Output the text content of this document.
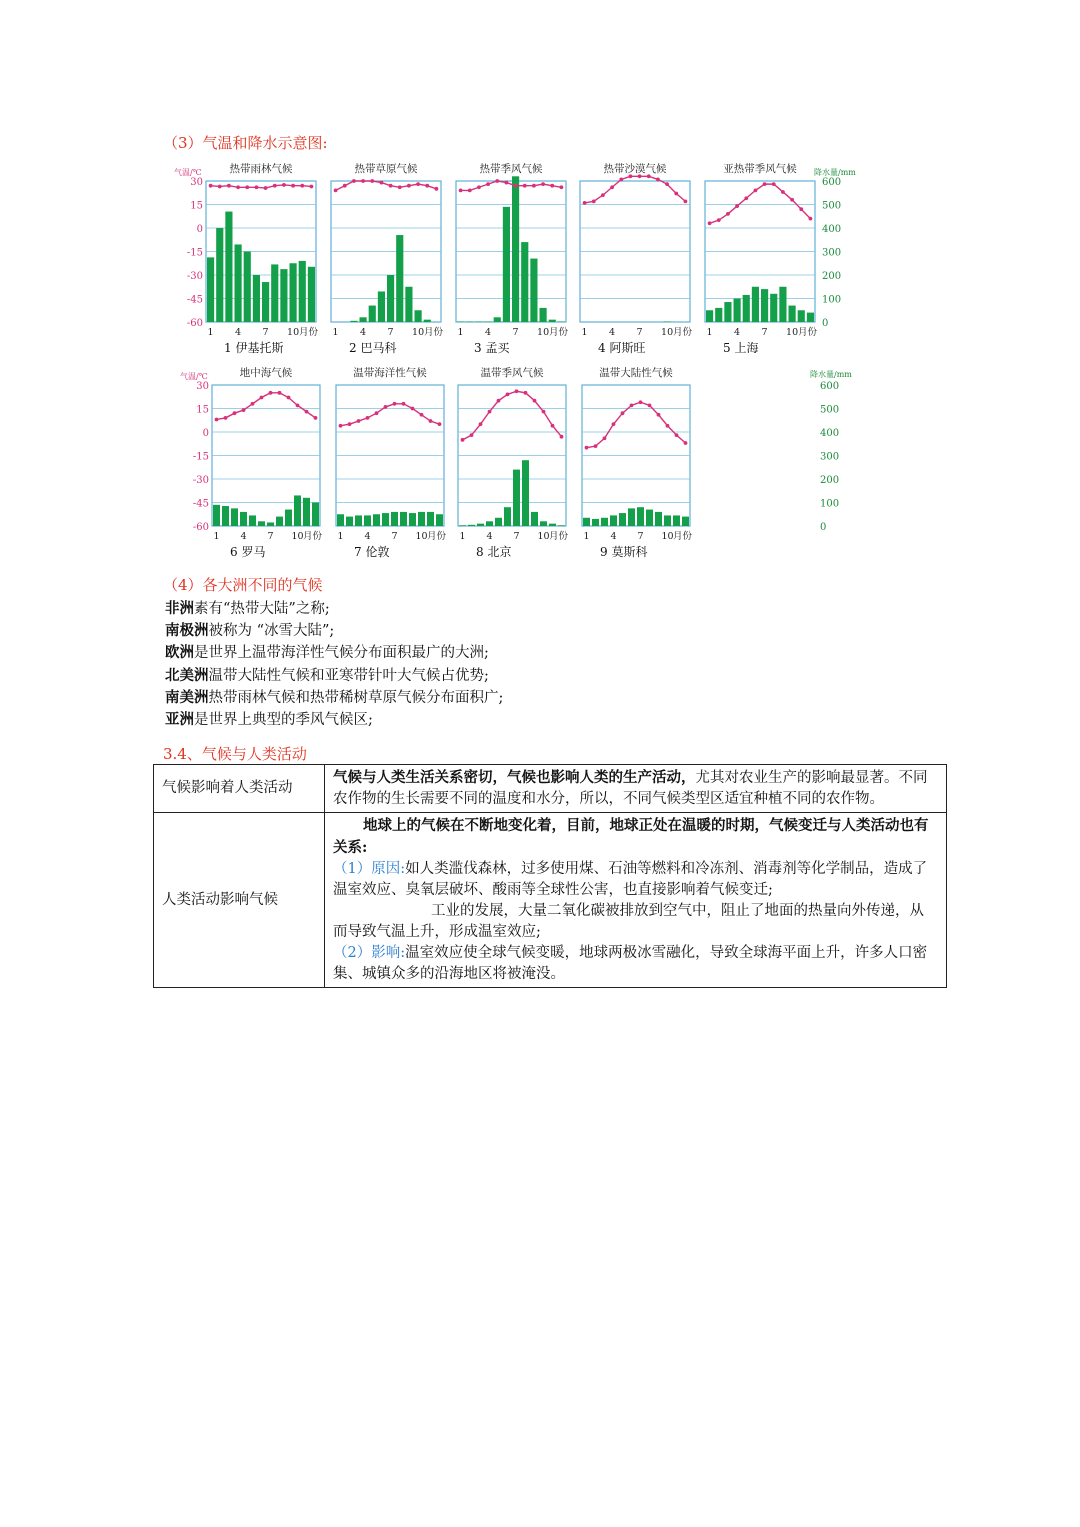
（3）气温和降水示意图:
热带雨林气候
1 4 7 10 月份
1 伊基托斯
热带草原气候
1 4 7 10 月份
2 巴马科
热带季风气候
1 4 7 10 月份
3 孟买
热带沙漠气候
1 4 7 10 月份
4 阿斯旺
亚热带季风气候
1 4 7 10 月份
5 上海
地中海气候
1 4 7 10 月份
6 罗马
温带海洋性气候
1 4 7 10 月份
7 伦敦
温带季风气候
1 4 7 10 月份
8 北京
温带大陆性气候
1 4 7 10 月份
9 莫斯科
30
15
0
-15
-30
-45
-60
气温/℃
30
15
0
-15
-30
-45
-60
气温/℃
600
500
400
300
200
100
0
降水量/mm
600
500
400
300
200
100
0
降水量/mm
（4）各大洲不同的气候
非洲素有“热带大陆”之称;
南极洲被称为 “冰雪大陆”;
欧洲是世界上温带海洋性气候分布面积最广的大洲;
北美洲温带大陆性气候和亚寒带针叶大气候占优势;
南美洲热带雨林气候和热带稀树草原气候分布面积广;
亚洲是世界上典型的季风气候区;
3.4、气候与人类活动
气候影响着人类活动	气候与人类生活关系密切，气候也影响人类的生产活动，尤其对农业生产的影响最显著。不同农作物的生长需要不同的温度和水分，所以，不同气候类型区适宜种植不同的农作物。
人类活动影响气候	地球上的气候在不断地变化着，目前，地球正处在温暖的时期，气候变迁与人类活动也有关系:
（1）原因:如人类滥伐森林，过多使用煤、石油等燃料和冷冻剂、消毒剂等化学制品，造成了温室效应、臭氧层破坏、酸雨等全球性公害，也直接影响着气候变迁;
工业的发展，大量二氧化碳被排放到空气中，阻止了地面的热量向外传递，从而导致气温上升，形成温室效应;
（2）影响:温室效应使全球气候变暖，地球两极冰雪融化，导致全球海平面上升，许多人口密集、城镇众多的沿海地区将被淹没。
